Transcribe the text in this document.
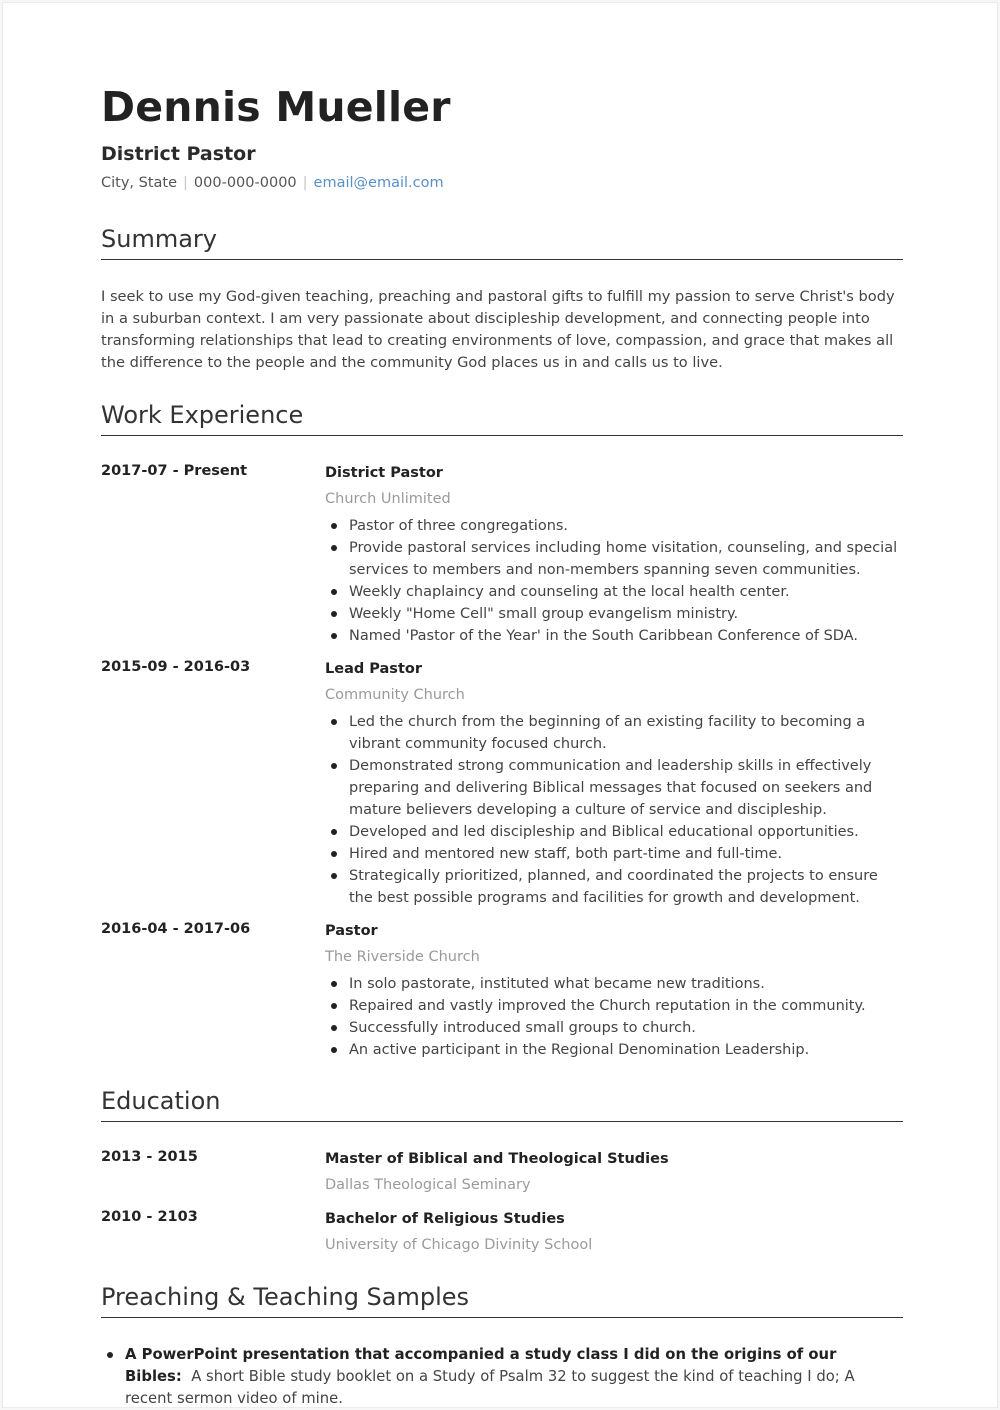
Dennis Mueller
District Pastor
City, State | 000-000-0000 | email@email.com
Summary
I seek to use my God-given teaching, preaching and pastoral gifts to fulfill my passion to serve Christ's body in a suburban context. I am very passionate about discipleship development, and connecting people into transforming relationships that lead to creating environments of love, compassion, and grace that makes all the difference to the people and the community God places us in and calls us to live.
Work Experience
2017-07 - Present	District Pastor
Church Unlimited
Pastor of three congregations.
Provide pastoral services including home visitation, counseling, and special services to members and non-members spanning seven communities.
Weekly chaplaincy and counseling at the local health center.
Weekly "Home Cell" small group evangelism ministry.
Named 'Pastor of the Year' in the South Caribbean Conference of SDA.
2015-09 - 2016-03	Lead Pastor
Community Church
Led the church from the beginning of an existing facility to becoming a vibrant community focused church.
Demonstrated strong communication and leadership skills in effectively preparing and delivering Biblical messages that focused on seekers and mature believers developing a culture of service and discipleship.
Developed and led discipleship and Biblical educational opportunities.
Hired and mentored new staff, both part-time and full-time.
Strategically prioritized, planned, and coordinated the projects to ensure the best possible programs and facilities for growth and development.
2016-04 - 2017-06	Pastor
The Riverside Church
In solo pastorate, instituted what became new traditions.
Repaired and vastly improved the Church reputation in the community.
Successfully introduced small groups to church.
An active participant in the Regional Denomination Leadership.
Education
2013 - 2015	Master of Biblical and Theological Studies
Dallas Theological Seminary
2010 - 2103	Bachelor of Religious Studies
University of Chicago Divinity School
Preaching & Teaching Samples
A PowerPoint presentation that accompanied a study class I did on the origins of our Bibles: A short Bible study booklet on a Study of Psalm 32 to suggest the kind of teaching I do; A recent sermon video of mine.
